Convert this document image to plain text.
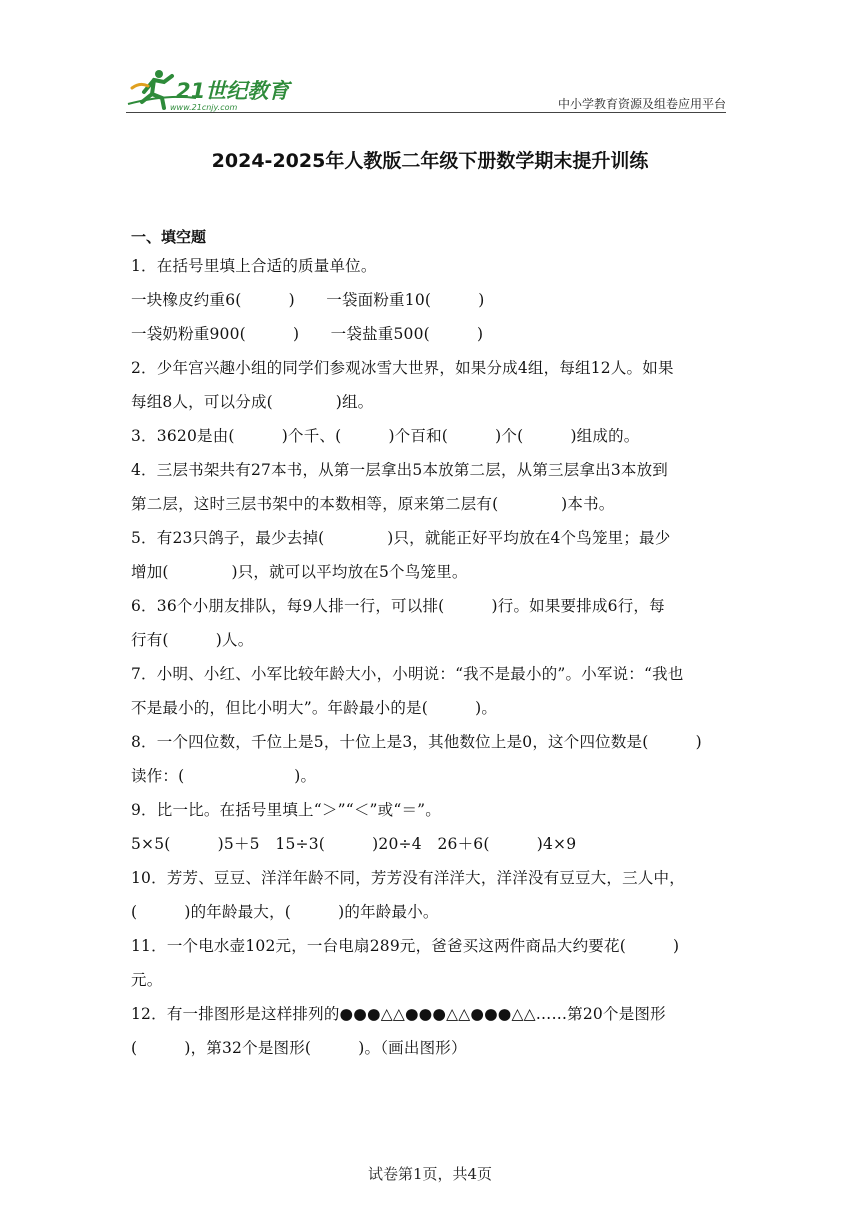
21世纪教育
www.21cnjy.com	中小学教育资源及组卷应用平台
2024-2025年人教版二年级下册数学期末提升训练
一、填空题
1．在括号里填上合适的质量单位。
一块橡皮约重6(　　　)　　一袋面粉重10(　　　)
一袋奶粉重900(　　　)　　一袋盐重500(　　　)
2．少年宫兴趣小组的同学们参观冰雪大世界，如果分成4组，每组12人。如果
每组8人，可以分成(　　　　)组。
3．3620是由(　　　)个千、(　　　)个百和(　　　)个(　　　)组成的。
4．三层书架共有27本书，从第一层拿出5本放第二层，从第三层拿出3本放到
第二层，这时三层书架中的本数相等，原来第二层有(　　　　)本书。
5．有23只鸽子，最少去掉(　　　　)只，就能正好平均放在4个鸟笼里；最少
增加(　　　　)只，就可以平均放在5个鸟笼里。
6．36个小朋友排队，每9人排一行，可以排(　　　)行。如果要排成6行，每
行有(　　　)人。
7．小明、小红、小军比较年龄大小，小明说：“我不是最小的”。小军说：“我也
不是最小的，但比小明大”。年龄最小的是(　　　)。
8．一个四位数，千位上是5，十位上是3，其他数位上是0，这个四位数是(　　　)
读作：(　　　　　　　)。
9．比一比。在括号里填上“＞”“＜”或“＝”。
5×5(　　　)5＋5　15÷3(　　　)20÷4　26＋6(　　　)4×9
10．芳芳、豆豆、洋洋年龄不同，芳芳没有洋洋大，洋洋没有豆豆大，三人中，
(　　　)的年龄最大，(　　　)的年龄最小。
11．一个电水壶102元，一台电扇289元，爸爸买这两件商品大约要花(　　　)
元。
12．有一排图形是这样排列的●●●△△●●●△△●●●△△……第20个是图形
(　　　)，第32个是图形(　　　)。（画出图形）
试卷第1页，共4页
